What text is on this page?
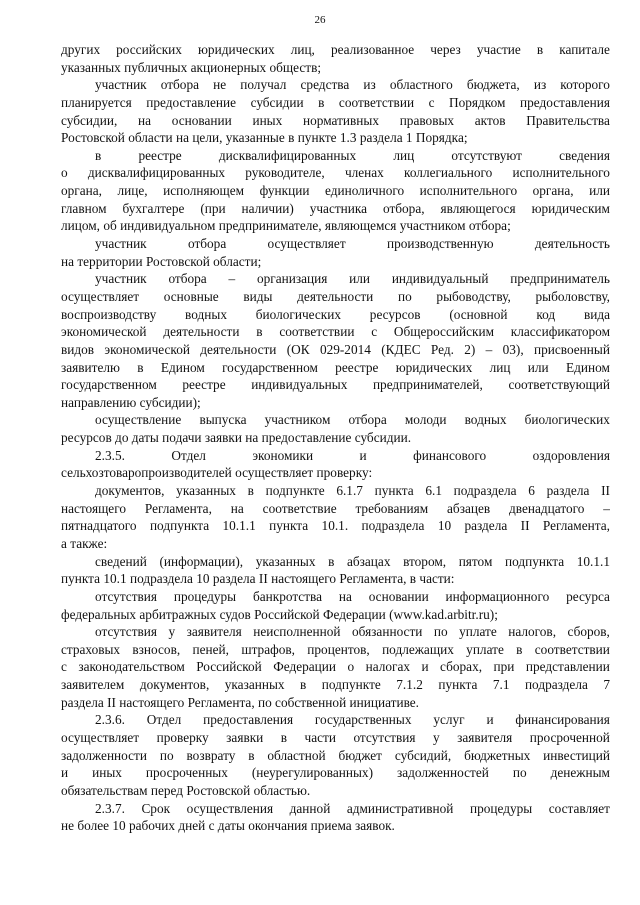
26
других российских юридических лиц, реализованное через участие в капитале
указанных публичных акционерных обществ;
участник отбора не получал средства из областного бюджета, из которого
планируется предоставление субсидии в соответствии с Порядком предоставления
субсидии, на основании иных нормативных правовых актов Правительства
Ростовской области на цели, указанные в пункте 1.3 раздела 1 Порядка;
в	реестре	дисквалифицированных	лиц	отсутствуют	сведения
о дисквалифицированных руководителе, членах коллегиального исполнительного
органа, лице, исполняющем функции единоличного исполнительного органа, или
главном бухгалтере (при наличии) участника отбора, являющегося юридическим
лицом, об индивидуальном предпринимателе, являющемся участником отбора;
участник	отбора	осуществляет	производственную	деятельность
на территории Ростовской области;
участник отбора – организация или индивидуальный предприниматель
осуществляет основные виды деятельности по рыбоводству, рыболовству,
воспроизводству водных биологических ресурсов (основной код вида
экономической деятельности в соответствии с Общероссийским классификатором
видов экономической деятельности (ОК 029-2014 (КДЕС Ред. 2) – 03), присвоенный
заявителю в Едином государственном реестре юридических лиц или Едином
государственном реестре индивидуальных предпринимателей, соответствующий
направлению субсидии);
осуществление выпуска участником отбора молоди водных биологических
ресурсов до даты подачи заявки на предоставление субсидии.
2.3.5.	Отдел	экономики	и	финансового	оздоровления
сельхозтоваропроизводителей осуществляет проверку:
документов, указанных в подпункте 6.1.7 пункта 6.1 подраздела 6 раздела II
настоящего Регламента, на соответствие требованиям абзацев двенадцатого –
пятнадцатого подпункта 10.1.1 пункта 10.1. подраздела 10 раздела II Регламента,
а также:
сведений (информации), указанных в абзацах втором, пятом подпункта 10.1.1
пункта 10.1 подраздела 10 раздела II настоящего Регламента, в части:
отсутствия процедуры банкротства на основании информационного ресурса
федеральных арбитражных судов Российской Федерации (www.kad.arbitr.ru);
отсутствия у заявителя неисполненной обязанности по уплате налогов, сборов,
страховых взносов, пеней, штрафов, процентов, подлежащих уплате в соответствии
с законодательством Российской Федерации о налогах и сборах, при представлении
заявителем документов, указанных в подпункте 7.1.2 пункта 7.1 подраздела 7
раздела II настоящего Регламента, по собственной инициативе.
2.3.6. Отдел предоставления государственных услуг и финансирования
осуществляет проверку заявки в части отсутствия у заявителя просроченной
задолженности по возврату в областной бюджет субсидий, бюджетных инвестиций
и иных просроченных (неурегулированных) задолженностей по денежным
обязательствам перед Ростовской областью.
2.3.7. Срок осуществления данной административной процедуры составляет
не более 10 рабочих дней с даты окончания приема заявок.
